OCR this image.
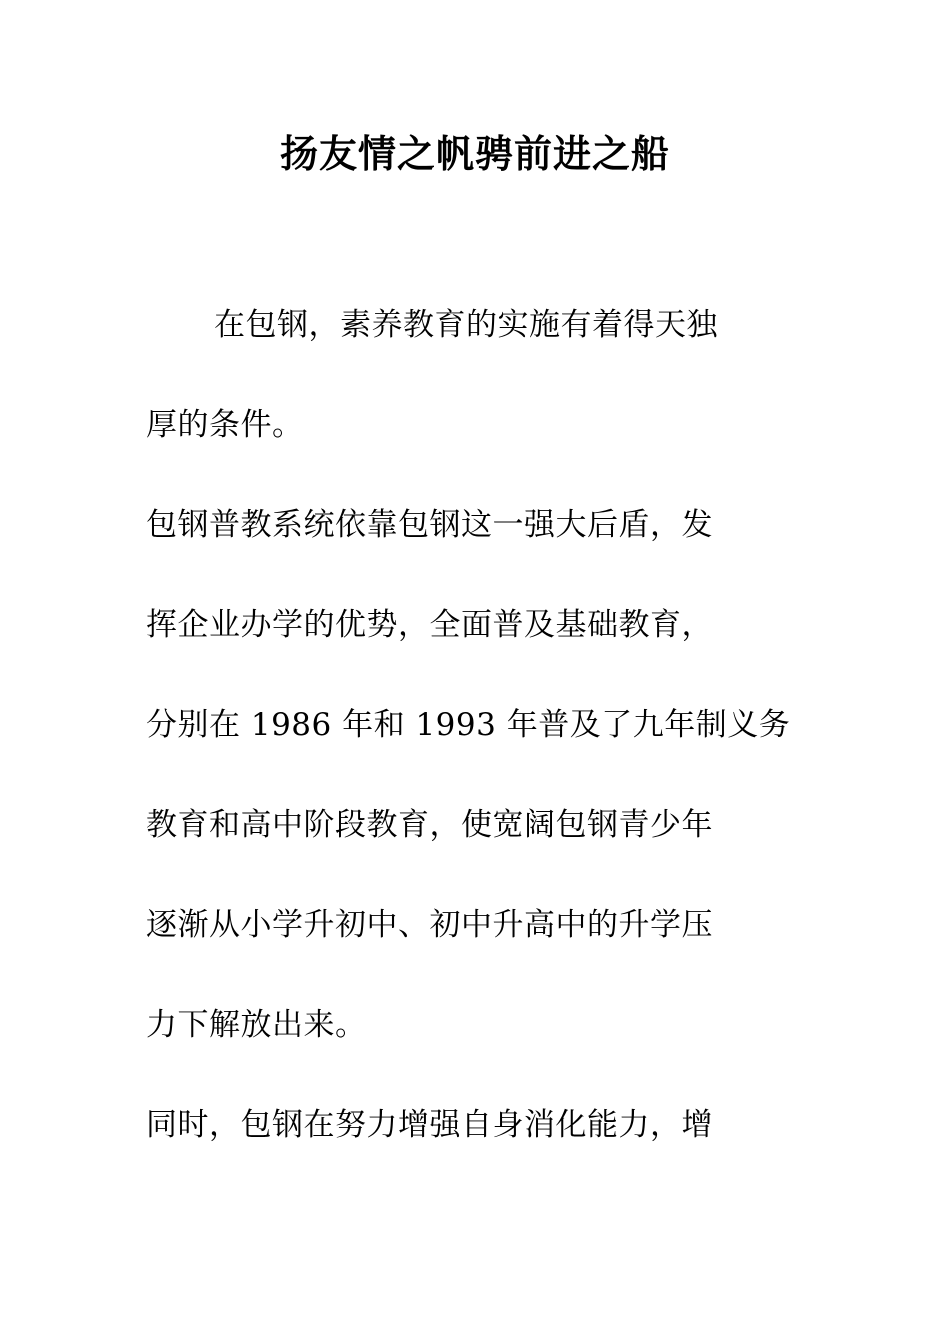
扬友情之帆骋前进之船
在包钢，素养教育的实施有着得天独
厚的条件。
包钢普教系统依靠包钢这一强大后盾，发
挥企业办学的优势，全面普及基础教育，
分别在 1986 年和 1993 年普及了九年制义务
教育和高中阶段教育，使宽阔包钢青少年
逐渐从小学升初中、初中升高中的升学压
力下解放出来。
同时，包钢在努力增强自身消化能力，增
